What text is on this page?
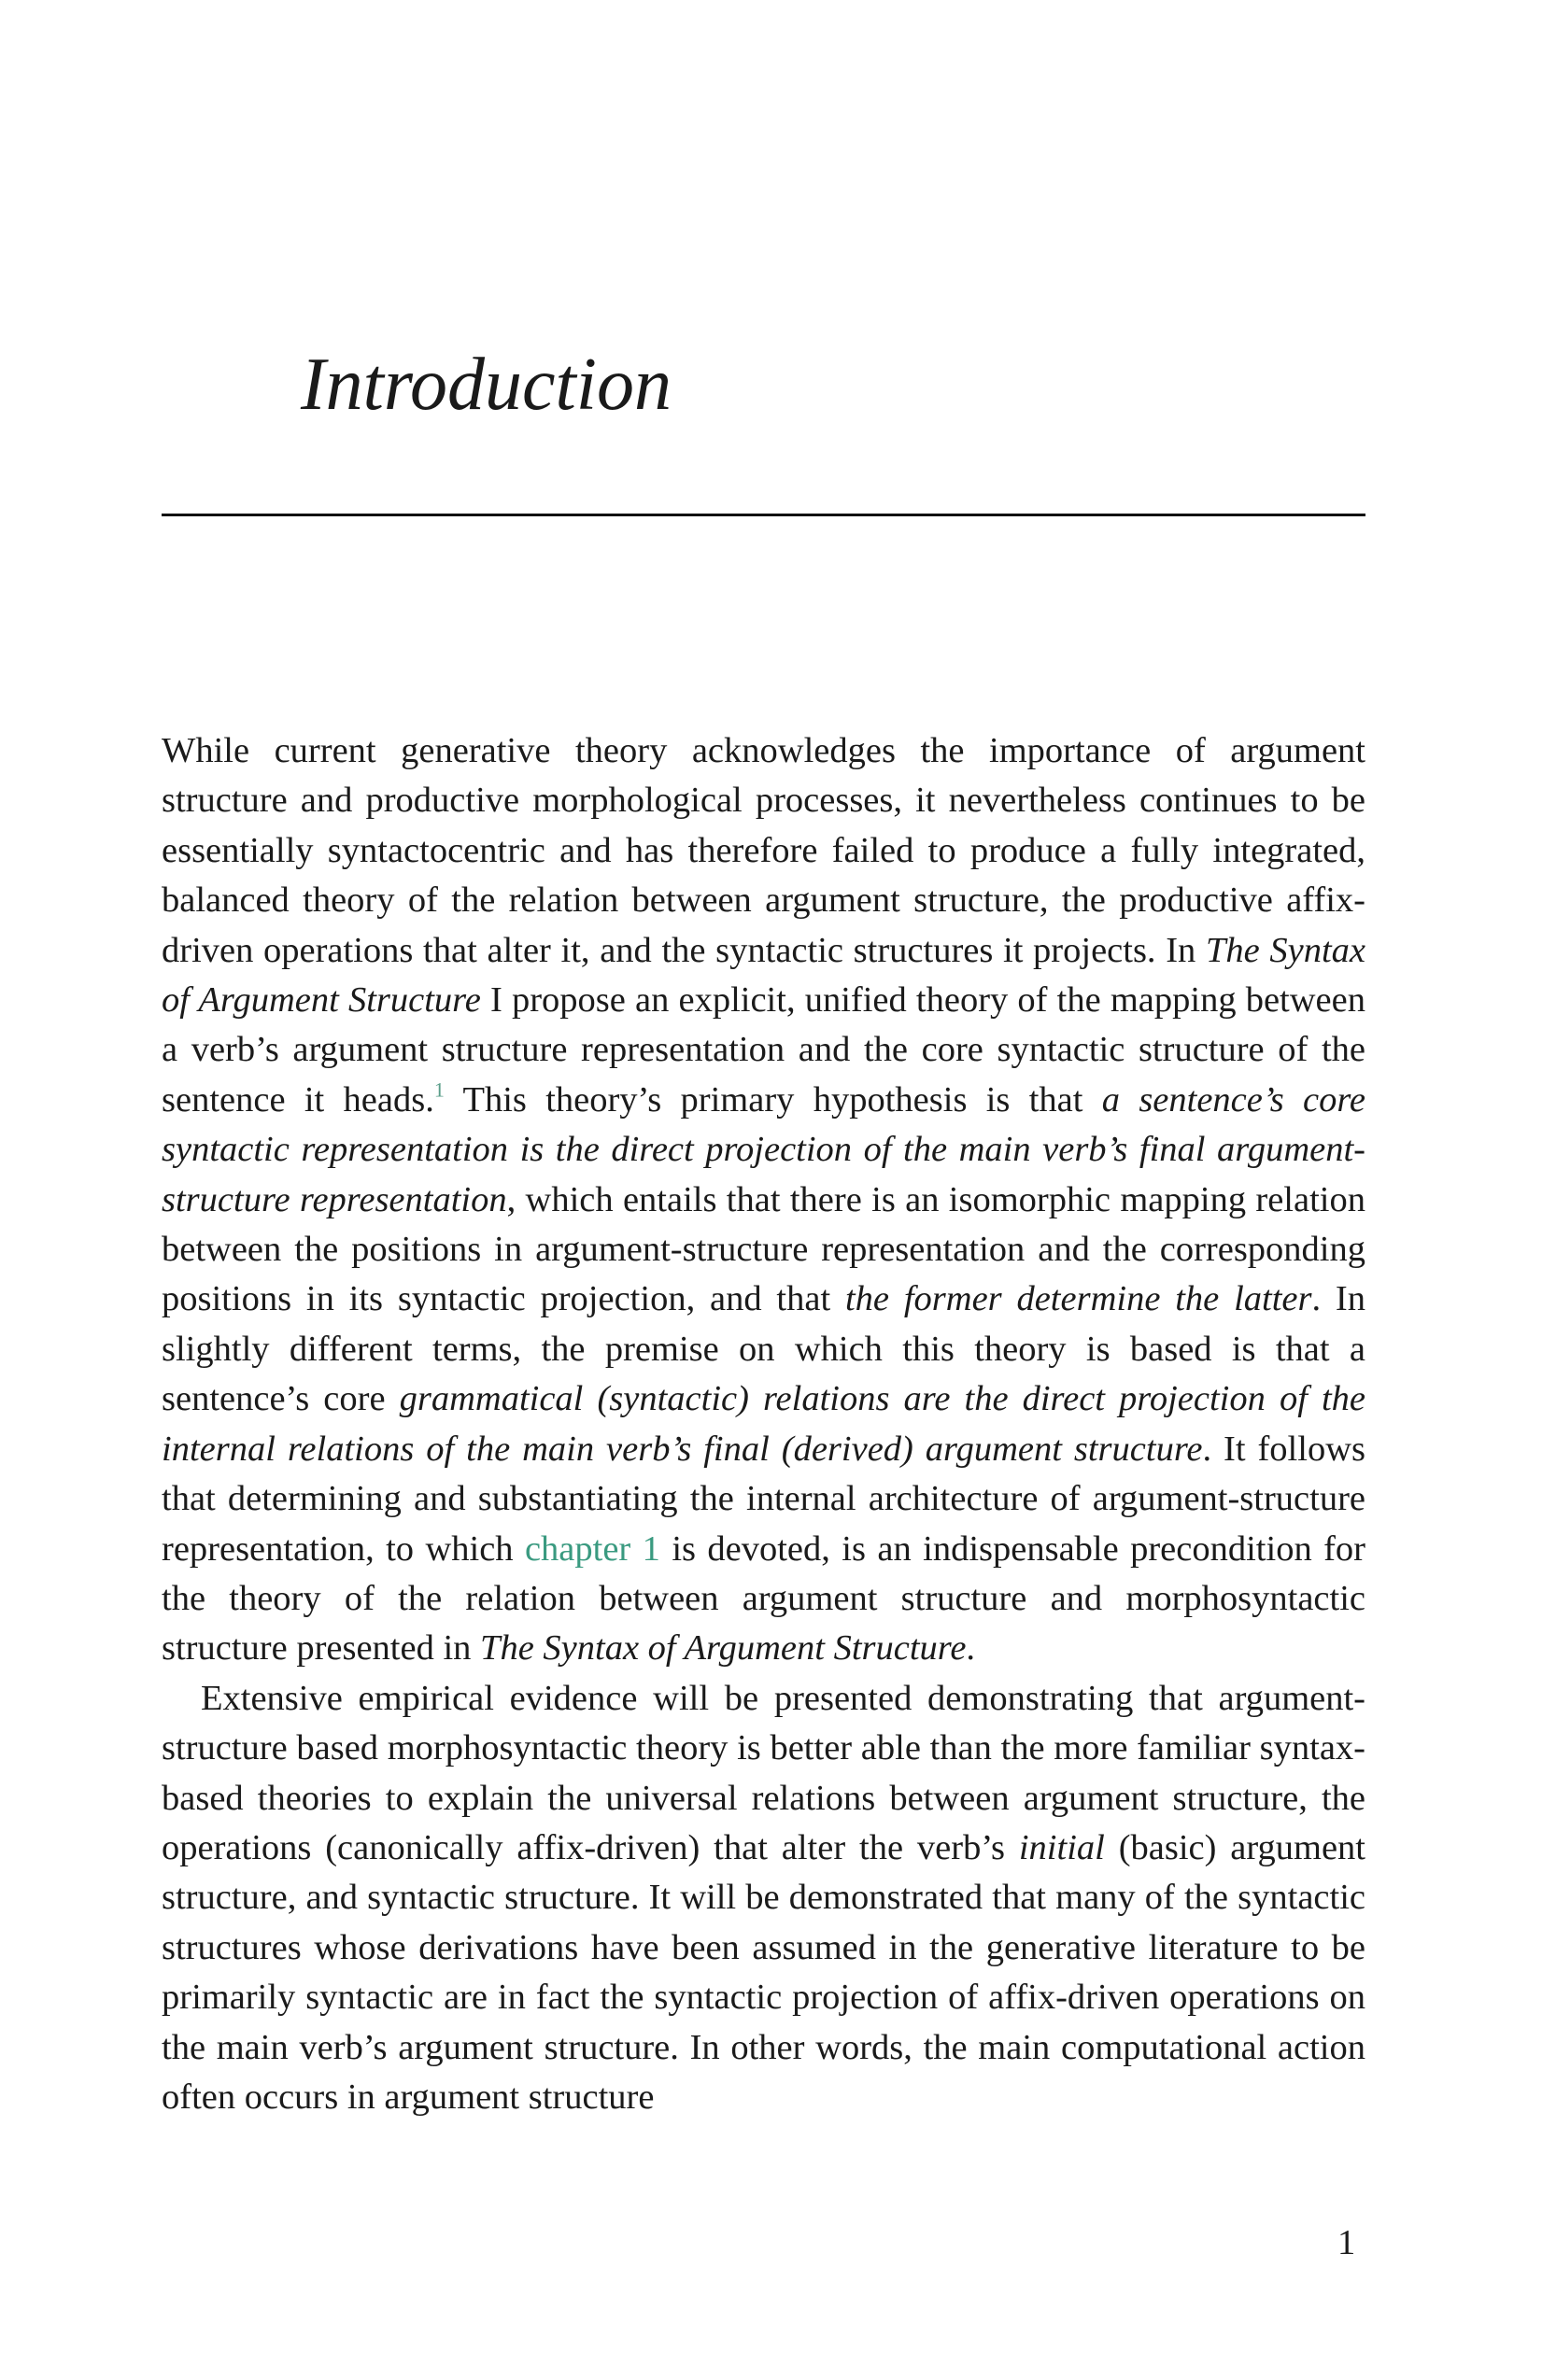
Introduction

While current generative theory acknowledges the importance of argument structure and productive morphological processes, it nevertheless continues to be essentially syntactocentric and has therefore failed to produce a fully integrated, balanced theory of the relation between argument structure, the productive affix-driven operations that alter it, and the syntactic structures it projects. In The Syntax of Argument Structure I propose an explicit, unified theory of the mapping between a verb’s argument structure representation and the core syntactic structure of the sentence it heads.$^1$ This theory’s primary hypothesis is that a sentence’s core syntactic representation is the direct projection of the main verb’s final argument-structure representation, which entails that there is an isomorphic mapping relation between the positions in argument-structure representation and the corresponding positions in its syntactic projection, and that the former determine the latter. In slightly different terms, the premise on which this theory is based is that a sentence’s core grammatical (syntactic) relations are the direct projection of the internal relations of the main verb’s final (derived) argument structure. It follows that determining and substantiating the internal architecture of argument-structure representation, to which chapter 1 is devoted, is an indispensable precondition for the theory of the relation between argument structure and morphosyntactic structure presented in The Syntax of Argument Structure.

Extensive empirical evidence will be presented demonstrating that argument-structure based morphosyntactic theory is better able than the more familiar syntax-based theories to explain the universal relations between argument structure, the operations (canonically affix-driven) that alter the verb’s initial (basic) argument structure, and syntactic structure. It will be demonstrated that many of the syntactic structures whose derivations have been assumed in the generative literature to be primarily syntactic are in fact the syntactic projection of affix-driven operations on the main verb’s argument structure. In other words, the main computational action often occurs in argument structure

1
